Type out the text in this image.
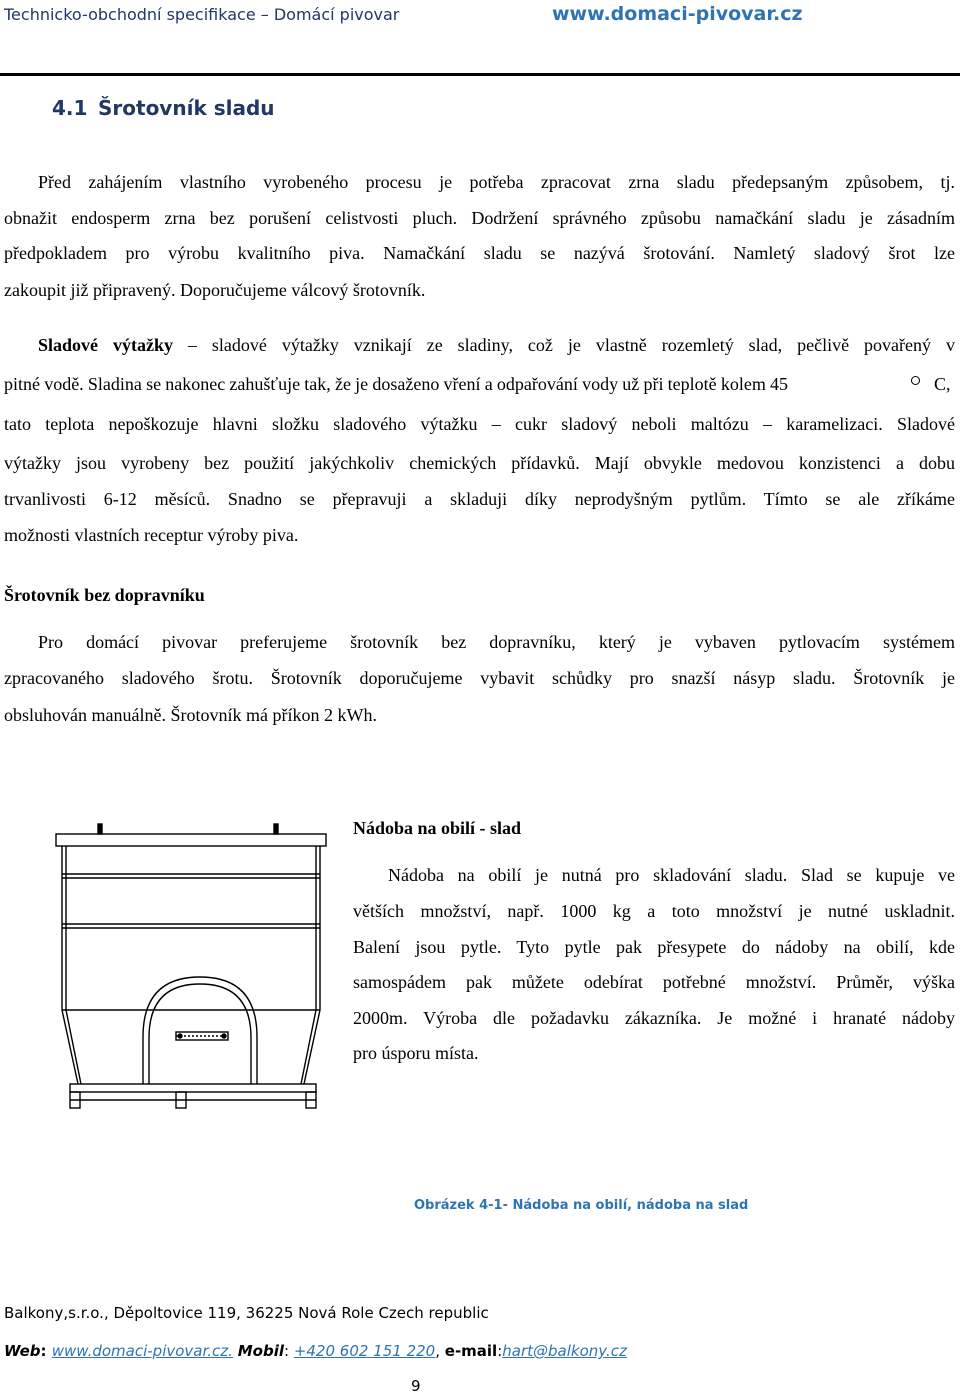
Technicko-obchodní specifikace – Domácí pivovar	www.domaci-pivovar.cz
4.1 Šrotovník sladu
Před zahájením vlastního vyrobeného procesu je potřeba zpracovat zrna sladu předepsaným způsobem, tj.
obnažit endosperm zrna bez porušení celistvosti pluch. Dodržení správného způsobu namačkání sladu je zásadním
předpokladem pro výrobu kvalitního piva. Namačkání sladu se nazývá šrotování. Namletý sladový šrot lze
zakoupit již připravený. Doporučujeme válcový šrotovník.
Sladové výtažky – sladové výtažky vznikají ze sladiny, což je vlastně rozemletý slad, pečlivě povařený v
pitné vodě. Sladina se nakonec zahušťuje tak, že je dosaženo vření a odpařování vody už při teplotě kolem 45	C,
tato teplota nepoškozuje hlavni složku sladového výtažku – cukr sladový neboli maltózu – karamelizaci. Sladové
výtažky jsou vyrobeny bez použití jakýchkoliv chemických přídavků. Mají obvykle medovou konzistenci a dobu
trvanlivosti 6-12 měsíců. Snadno se přepravuji a skladuji díky neprodyšným pytlům. Tímto se ale zříkáme
možnosti vlastních receptur výroby piva.
Šrotovník bez dopravníku
Pro domácí pivovar preferujeme šrotovník bez dopravníku, který je vybaven pytlovacím systémem
zpracovaného sladového šrotu. Šrotovník doporučujeme vybavit schůdky pro snazší násyp sladu. Šrotovník je
obsluhován manuálně. Šrotovník má příkon 2 kWh.
Nádoba na obilí - slad
Nádoba na obilí je nutná pro skladování sladu. Slad se kupuje ve
větších množství, např. 1000 kg a toto množství je nutné uskladnit.
Balení jsou pytle. Tyto pytle pak přesypete do nádoby na obilí, kde
samospádem pak můžete odebírat potřebné množství. Průměr, výška
2000m. Výroba dle požadavku zákazníka. Je možné i hranaté nádoby
pro úsporu místa.
Obrázek 4-1- Nádoba na obilí, nádoba na slad
Balkony,s.r.o., Děpoltovice 119, 36225 Nová Role Czech republic
Web: www.domaci-pivovar.cz. Mobil: +420 602 151 220, e-mail:hart@balkony.cz
9
